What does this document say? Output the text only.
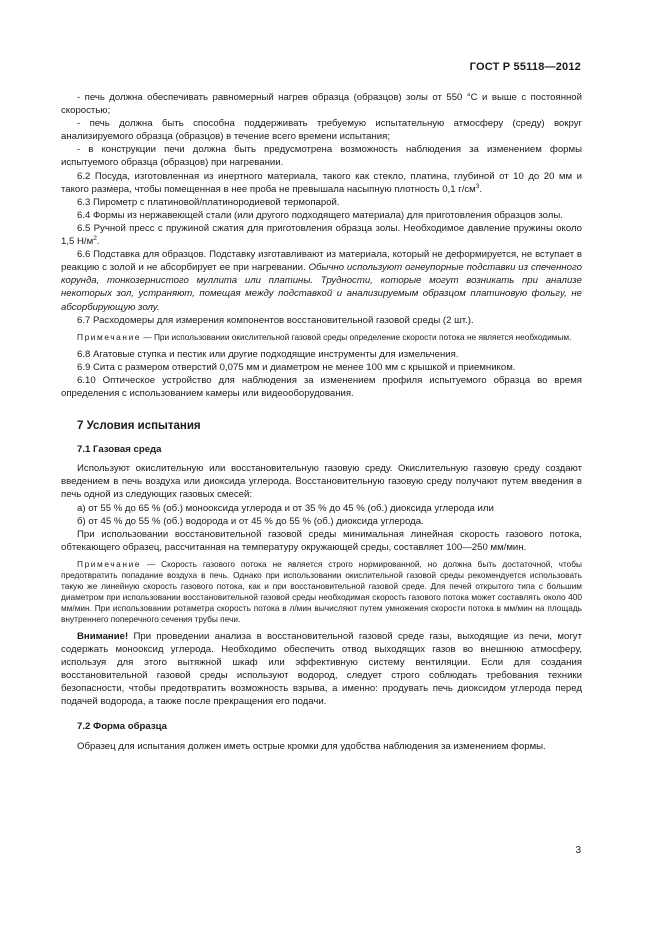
ГОСТ Р 55118—2012

- печь должна обеспечивать равномерный нагрев образца (образцов) золы от 550 °С и выше с постоянной скоростью;

- печь должна быть способна поддерживать требуемую испытательную атмосферу (среду) вокруг анализируемого образца (образцов) в течение всего времени испытания;

- в конструкции печи должна быть предусмотрена возможность наблюдения за изменением формы испытуемого образца (образцов) при нагревании.

6.2 Посуда, изготовленная из инертного материала, такого как стекло, платина, глубиной от 10 до 20 мм и такого размера, чтобы помещенная в нее проба не превышала насыпную плотность 0,1 $г/см^3$.

6.3 Пирометр с платиновой/платинородиевой термопарой.

6.4 Формы из нержавеющей стали (или другого подходящего материала) для приготовления образцов золы.

6.5 Ручной пресс с пружиной сжатия для приготовления образца золы. Необходимое давление пружины около 1,5 $Н/м^2$.

6.6 Подставка для образцов. Подставку изготавливают из материала, который не деформируется, не вступает в реакцию с золой и не абсорбирует ее при нагревании. Обычно используют огнеупорные подставки из спеченного корунда, тонкозернистого муллита или платины. Трудности, которые могут возникать при анализе некоторых зол, устраняют, помещая между подставкой и анализируемым образцом платиновую фольгу, не абсорбирующую золу.

6.7 Расходомеры для измерения компонентов восстановительной газовой среды (2 шт.).

Примечание — При использовании окислительной газовой среды определение скорости потока не является необходимым.

6.8 Агатовые ступка и пестик или другие подходящие инструменты для измельчения.

6.9 Сита с размером отверстий 0,075 мм и диаметром не менее 100 мм с крышкой и приемником.

6.10 Оптическое устройство для наблюдения за изменением профиля испытуемого образца во время определения с использованием камеры или видеооборудования.

7 Условия испытания

7.1 Газовая среда

Используют окислительную или восстановительную газовую среду. Окислительную газовую среду создают введением в печь воздуха или диоксида углерода. Восстановительную газовую среду получают путем введения в печь одной из следующих газовых смесей:

а) от 55 % до 65 % (об.) монооксида углерода и от 35 % до 45 % (об.) диоксида углерода или

б) от 45 % до 55 % (об.) водорода и от 45 % до 55 % (об.) диоксида углерода.

При использовании восстановительной газовой среды минимальная линейная скорость газового потока, обтекающего образец, рассчитанная на температуру окружающей среды, составляет 100—250 мм/мин.

Примечание — Скорость газового потока не является строго нормированной, но должна быть достаточной, чтобы предотвратить попадание воздуха в печь. Однако при использовании окислительной газовой среды рекомендуется использовать такую же линейную скорость газового потока, как и при восстановительной газовой среде. Для печей открытого типа с большим диаметром при использовании восстановительной газовой среды необходимая скорость газового потока может составлять около 400 мм/мин. При использовании ротаметра скорость потока в л/мин вычисляют путем умножения скорости потока в мм/мин на площадь внутреннего поперечного сечения трубы печи.

Внимание! При проведении анализа в восстановительной газовой среде газы, выходящие из печи, могут содержать монооксид углерода. Необходимо обеспечить отвод выходящих газов во внешнюю атмосферу, используя для этого вытяжной шкаф или эффективную систему вентиляции. Если для создания восстановительной газовой среды используют водород, следует строго соблюдать требования техники безопасности, чтобы предотвратить возможность взрыва, а именно: продувать печь диоксидом углерода перед подачей водорода, а также после прекращения его подачи.

7.2 Форма образца

Образец для испытания должен иметь острые кромки для удобства наблюдения за изменением формы.

3
